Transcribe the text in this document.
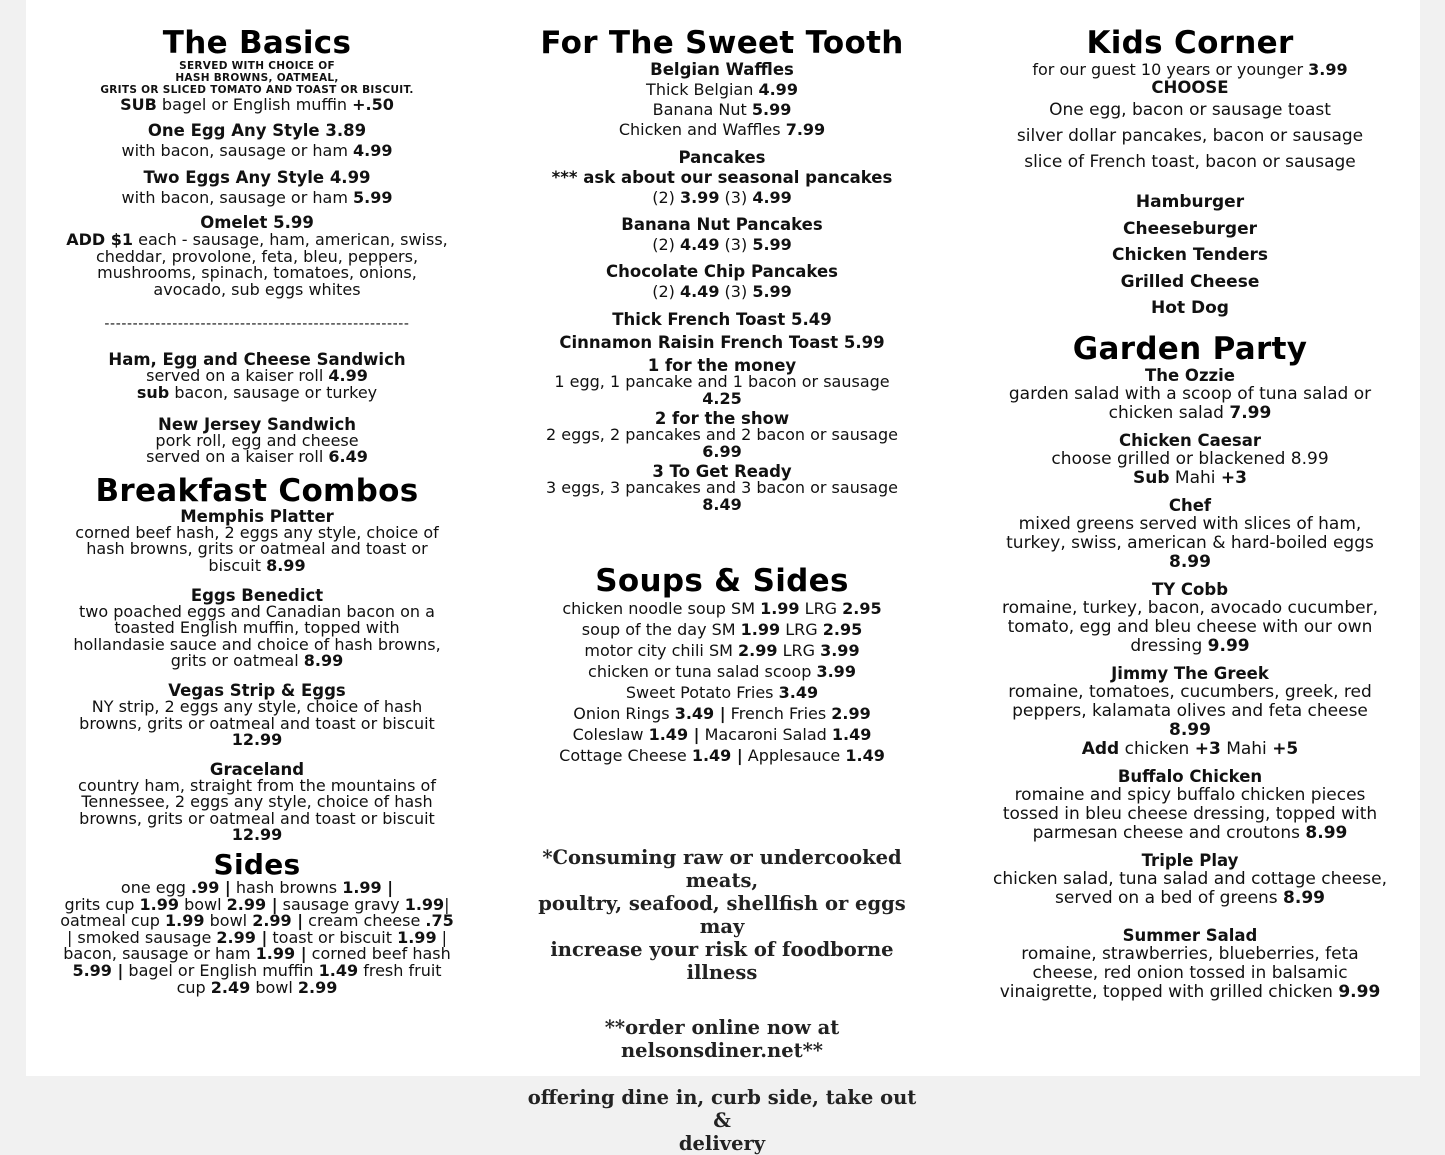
The Basics
SERVED WITH CHOICE OF
HASH BROWNS, OATMEAL,
GRITS OR SLICED TOMATO AND TOAST OR BISCUIT.
SUB bagel or English muffin +.50
One Egg Any Style 3.89
with bacon, sausage or ham 4.99
Two Eggs Any Style 4.99
with bacon, sausage or ham 5.99
Omelet 5.99
ADD $1 each - sausage, ham, american, swiss,
cheddar, provolone, feta, bleu, peppers,
mushrooms, spinach, tomatoes, onions,
avocado, sub eggs whites
------------------------------------------------------
Ham, Egg and Cheese Sandwich
served on a kaiser roll 4.99
sub bacon, sausage or turkey
New Jersey Sandwich
pork roll, egg and cheese
served on a kaiser roll 6.49
Breakfast Combos
Memphis Platter
corned beef hash, 2 eggs any style, choice of
hash browns, grits or oatmeal and toast or
biscuit 8.99
Eggs Benedict
two poached eggs and Canadian bacon on a
toasted English muffin, topped with
hollandasie sauce and choice of hash browns,
grits or oatmeal 8.99
Vegas Strip & Eggs
NY strip, 2 eggs any style, choice of hash
browns, grits or oatmeal and toast or biscuit
12.99
Graceland
country ham, straight from the mountains of
Tennessee, 2 eggs any style, choice of hash
browns, grits or oatmeal and toast or biscuit
12.99
Sides
one egg .99 | hash browns 1.99 |
grits cup 1.99 bowl 2.99 | sausage gravy 1.99|
oatmeal cup 1.99 bowl 2.99 | cream cheese .75
| smoked sausage 2.99 | toast or biscuit 1.99 |
bacon, sausage or ham 1.99 | corned beef hash
5.99 | bagel or English muffin 1.49 fresh fruit
cup 2.49 bowl 2.99
For The Sweet Tooth
Belgian Waffles
Thick Belgian 4.99
Banana Nut 5.99
Chicken and Waffles 7.99
Pancakes
*** ask about our seasonal pancakes
(2) 3.99 (3) 4.99
Banana Nut Pancakes
(2) 4.49 (3) 5.99
Chocolate Chip Pancakes
(2) 4.49 (3) 5.99
Thick French Toast 5.49
Cinnamon Raisin French Toast 5.99
1 for the money
1 egg, 1 pancake and 1 bacon or sausage
4.25
2 for the show
2 eggs, 2 pancakes and 2 bacon or sausage
6.99
3 To Get Ready
3 eggs, 3 pancakes and 3 bacon or sausage
8.49
Soups & Sides
chicken noodle soup SM 1.99 LRG 2.95
soup of the day SM 1.99 LRG 2.95
motor city chili SM 2.99 LRG 3.99
chicken or tuna salad scoop 3.99
Sweet Potato Fries 3.49
Onion Rings 3.49 | French Fries 2.99
Coleslaw 1.49 | Macaroni Salad 1.49
Cottage Cheese 1.49 | Applesauce 1.49
*Consuming raw or undercooked meats,
poultry, seafood, shellfish or eggs may
increase your risk of foodborne illness
**order online now at nelsonsdiner.net**
offering dine in, curb side, take out &
delivery
Kids Corner
for our guest 10 years or younger 3.99
CHOOSE
One egg, bacon or sausage toast
silver dollar pancakes, bacon or sausage
slice of French toast, bacon or sausage
Hamburger
Cheeseburger
Chicken Tenders
Grilled Cheese
Hot Dog
Garden Party
The Ozzie
garden salad with a scoop of tuna salad or
chicken salad 7.99
Chicken Caesar
choose grilled or blackened 8.99
Sub Mahi +3
Chef
mixed greens served with slices of ham,
turkey, swiss, american & hard-boiled eggs
8.99
TY Cobb
romaine, turkey, bacon, avocado cucumber,
tomato, egg and bleu cheese with our own
dressing 9.99
Jimmy The Greek
romaine, tomatoes, cucumbers, greek, red
peppers, kalamata olives and feta cheese
8.99
Add chicken +3 Mahi +5
Buffalo Chicken
romaine and spicy buffalo chicken pieces
tossed in bleu cheese dressing, topped with
parmesan cheese and croutons 8.99
Triple Play
chicken salad, tuna salad and cottage cheese,
served on a bed of greens 8.99
Summer Salad
romaine, strawberries, blueberries, feta
cheese, red onion tossed in balsamic
vinaigrette, topped with grilled chicken 9.99
